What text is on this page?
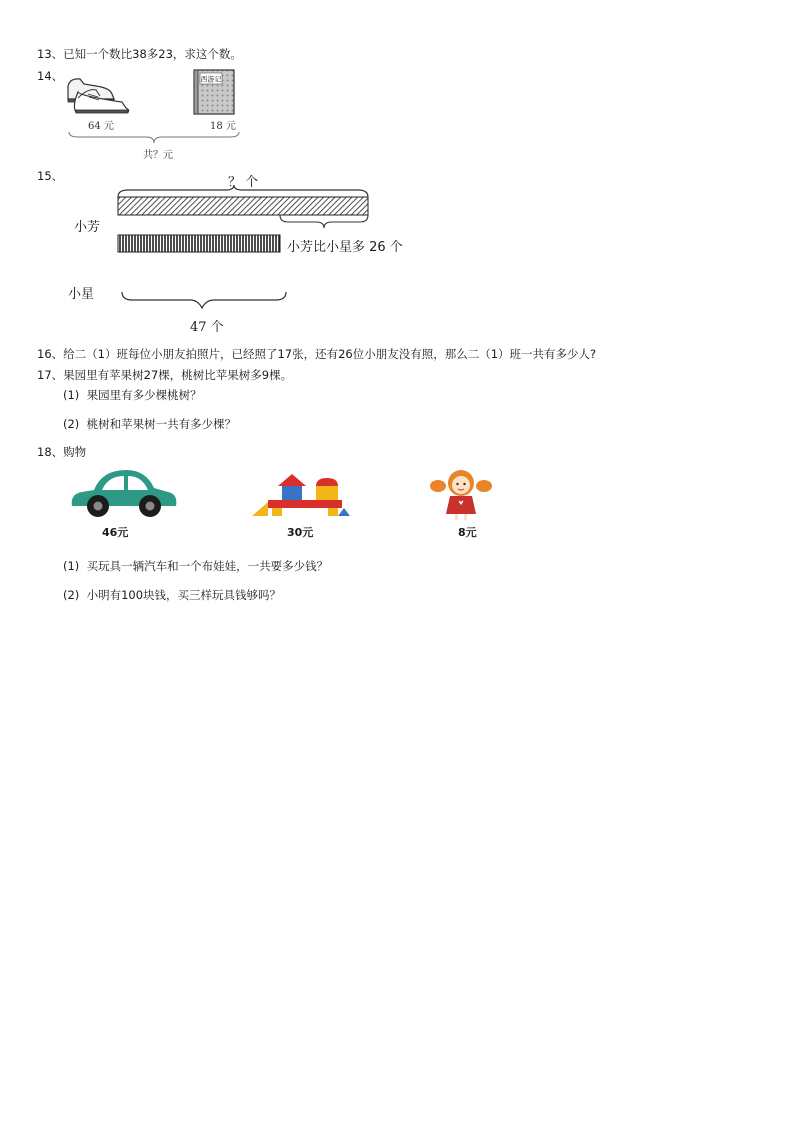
13、已知一个数比38多23，求这个数。
14、	西游记
64 元	18 元
共？元
15、	？ 个
小芳
小芳比小星多 26 个
小星
47 个
16、给二（1）班每位小朋友拍照片，已经照了17张，还有26位小朋友没有照，那么二（1）班一共有多少人?
17、果园里有苹果树27棵，桃树比苹果树多9棵。
(1) 果园里有多少棵桃树？
(2) 桃树和苹果树一共有多少棵？
18、购物
46元	30元	8元
(1) 买玩具一辆汽车和一个布娃娃，一共要多少钱？
(2) 小明有100块钱，买三样玩具钱够吗？
